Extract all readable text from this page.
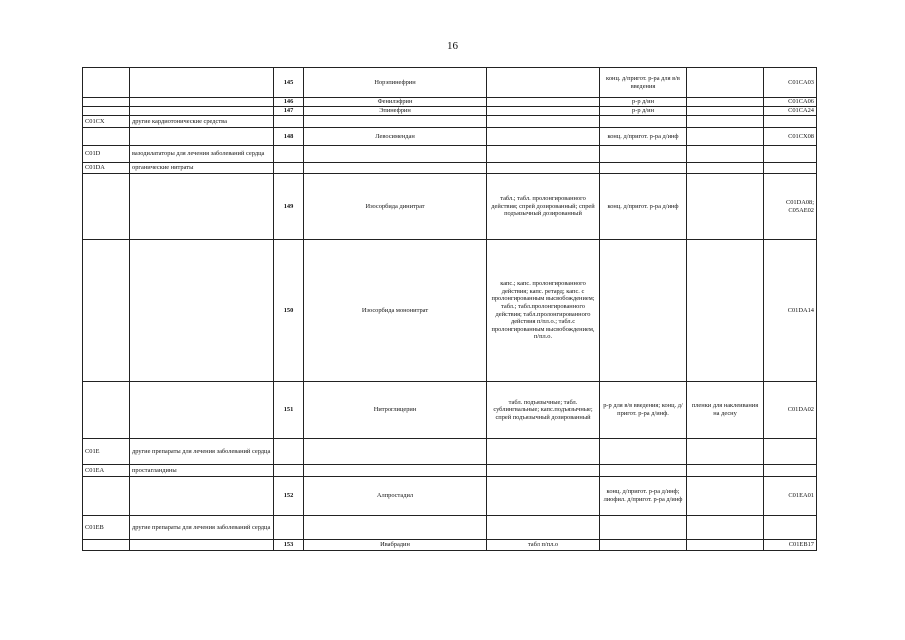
16
		145	Норэпинефрин		конц. д/пригот. р-ра для в/в введения		C01CA03
		146	Фенилэфрин		р-р д/ин		C01CA06
		147	Эпинефрин		р-р д/ин		C01CA24
C01CX	другие кардиотонические средства						
		148	Левосимендан		конц. д/пригот. р-ра д/инф		C01CX08
C01D	вазодилататоры для лечения заболеваний сердца						
C01DA	органические нитраты						
		149	Изосорбида динитрат	табл.; табл. пролонгированного действия; спрей дозированный; спрей подъязычный дозированный	конц. д/пригот. р-ра д/инф		C01DA08; C05AE02
		150	Изосорбида мононитрат	капс.; капс. пролонгированного действия; капс. ретард; капс. с пролонгированным высвобождением; табл.; табл.пролонгированного действия; табл.пролонгированного действия п/пл.о.; табл.с пролонгированным высвобождением, п/пл.о.			C01DA14
		151	Нитроглицерин	табл. подъязычные; табл. сублингвальные; капс.подъязычные; спрей подъязычный дозированный	р-р для в/в введения; конц. д/пригот. р-ра д/инф.	пленки для наклеивания на десну	C01DA02
C01E	другие препараты для лечения заболеваний сердца						
C01EA	простагландины						
		152	Алпростадил		конц. д/пригот. р-ра д/инф; лиофил. д/пригот. р-ра д/инф		C01EA01
C01EB	другие препараты для лечения заболеваний сердца						
		153	Ивабрадин	табл п/пл.о			C01EB17
